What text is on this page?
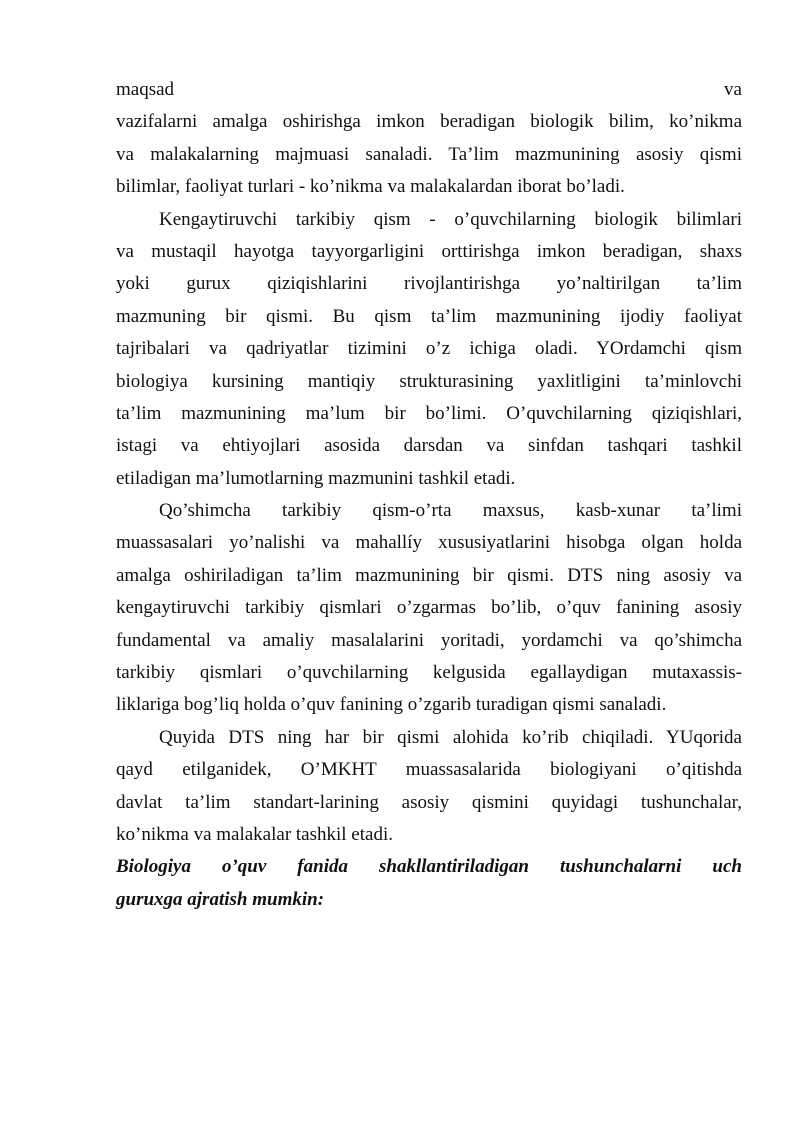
maqsad va
vazifalarni amalga oshirishga imkon beradigan biologik bilim, ko’nikma
va malakalarning majmuasi sanaladi. Ta’lim mazmunining asosiy qismi
bilimlar, faoliyat turlari - ko’nikma va malakalardan iborat bo’ladi.
Kengaytiruvchi tarkibiy qism - o’quvchilarning biologik bilimlari
va mustaqil hayotga tayyorgarligini orttirishga imkon beradigan, shaxs
yoki gurux qiziqishlarini rivojlantirishga yo’naltirilgan ta’lim
mazmuning bir qismi. Bu qism ta’lim mazmunining ijodiy faoliyat
tajribalari va qadriyatlar tizimini o’z ichiga oladi. YOrdamchi qism
biologiya kursining mantiqiy strukturasining yaxlitligini ta’minlovchi
ta’lim mazmunining ma’lum bir bo’limi. O’quvchilarning qiziqishlari,
istagi va ehtiyojlari asosida darsdan va sinfdan tashqari tashkil
etiladigan ma’lumotlarning mazmunini tashkil etadi.
Qo’shimcha tarkibiy qism-o’rta maxsus, kasb-xunar ta’limi
muassasalari yo’nalishi va mahallíy xususiyatlarini hisobga olgan holda
amalga oshiriladigan ta’lim mazmunining bir qismi. DTS ning asosiy va
kengaytiruvchi tarkibiy qismlari o’zgarmas bo’lib, o’quv fanining asosiy
fundamental va amaliy masalalarini yoritadi, yordamchi va qo’shimcha
tarkibiy qismlari o’quvchilarning kelgusida egallaydigan mutaxassis-
liklariga bog’liq holda o’quv fanining o’zgarib turadigan qismi sanaladi.
Quyida DTS ning har bir qismi alohida ko’rib chiqiladi. YUqorida
qayd etilganidek, O’MKHT muassasalarida biologiyani o’qitishda
davlat ta’lim standart-larining asosiy qismini quyidagi tushunchalar,
ko’nikma va malakalar tashkil etadi.
Biologiya o’quv fanida shakllantiriladigan tushunchalarni uch
guruxga ajratish mumkin:
